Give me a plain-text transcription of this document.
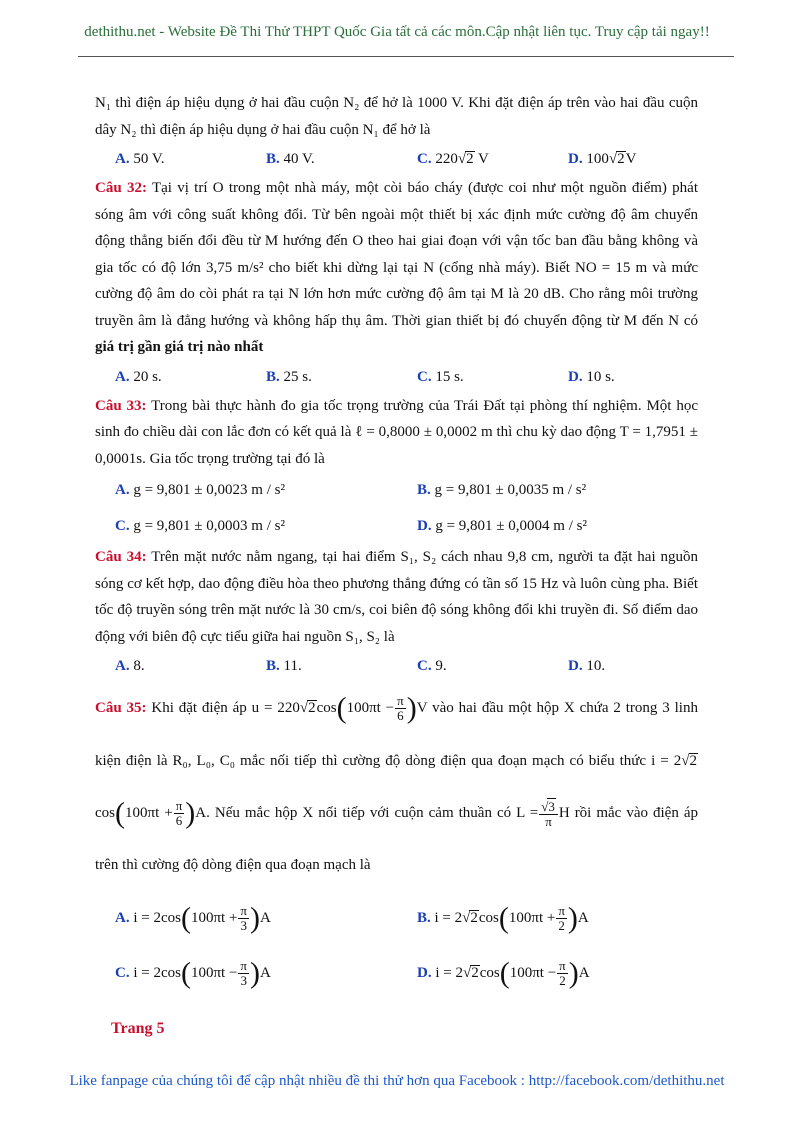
dethithu.net - Website Đề Thi Thử THPT Quốc Gia tất cả các môn.Cập nhật liên tục. Truy cập tải ngay!!

N₁ thì điện áp hiệu dụng ở hai đầu cuộn N₂ để hở là 1000 V. Khi đặt điện áp trên vào hai đầu cuộn dây N₂ thì điện áp hiệu dụng ở hai đầu cuộn N₁ để hở là

A. 50 V.	B. 40 V.	C. 220√2 V	D. 100√2V

Câu 32: Tại vị trí O trong một nhà máy, một còi báo cháy (được coi như một nguồn điểm) phát sóng âm với công suất không đổi. Từ bên ngoài một thiết bị xác định mức cường độ âm chuyển động thẳng biến đổi đều từ M hướng đến O theo hai giai đoạn với vận tốc ban đầu bằng không và gia tốc có độ lớn 3,75 m/s² cho biết khi dừng lại tại N (cổng nhà máy). Biết NO = 15 m và mức cường độ âm do còi phát ra tại N lớn hơn mức cường độ âm tại M là 20 dB. Cho rằng môi trường truyền âm là đẳng hướng và không hấp thụ âm. Thời gian thiết bị đó chuyển động từ M đến N có giá trị gần giá trị nào nhất

A. 20 s.	B. 25 s.	C. 15 s.	D. 10 s.

Câu 33: Trong bài thực hành đo gia tốc trọng trường của Trái Đất tại phòng thí nghiệm. Một học sinh đo chiều dài con lắc đơn có kết quả là ℓ = 0,8000 ± 0,0002 m thì chu kỳ dao động T = 1,7951 ± 0,0001s. Gia tốc trọng trường tại đó là

A. g = 9,801 ± 0,0023 m / s²	B. g = 9,801 ± 0,0035 m / s²
C. g = 9,801 ± 0,0003 m / s²	D. g = 9,801 ± 0,0004 m / s²

Câu 34: Trên mặt nước nằm ngang, tại hai điểm S₁, S₂ cách nhau 9,8 cm, người ta đặt hai nguồn sóng cơ kết hợp, dao động điều hòa theo phương thẳng đứng có tần số 15 Hz và luôn cùng pha. Biết tốc độ truyền sóng trên mặt nước là 30 cm/s, coi biên độ sóng không đổi khi truyền đi. Số điểm dao động với biên độ cực tiểu giữa hai nguồn S₁, S₂ là

A. 8.	B. 11.	C. 9.	D. 10.

Câu 35: Khi đặt điện áp $u = 220√2\cos(100\pi t - \frac{\pi}{6} )V$ vào hai đầu một hộp X chứa 2 trong 3 linh kiện điện là R₀, L₀, C₀ mắc nối tiếp thì cường độ dòng điện qua đoạn mạch có biểu thức $i = 2√2\cos(100\pi t + \frac{\pi}{6} )A$. Nếu mắc hộp X nối tiếp với cuộn cảm thuần có $L = \frac{√3}{\pi}$ H rồi mắc vào điện áp trên thì cường độ dòng điện qua đoạn mạch là

A. $i = 2\cos(100\pi t + \frac{\pi}{3} )A$	B. $i = 2√2\cos(100\pi t + \frac{\pi}{2} )A$
C. $i = 2\cos(100\pi t - \frac{\pi}{3} )A$	D. $i = 2√2\cos(100\pi t - \frac{\pi}{2} )A$
Trang 5
Like fanpage của chúng tôi để cập nhật nhiều đề thi thử hơn qua Facebook : http://facebook.com/dethithu.net
